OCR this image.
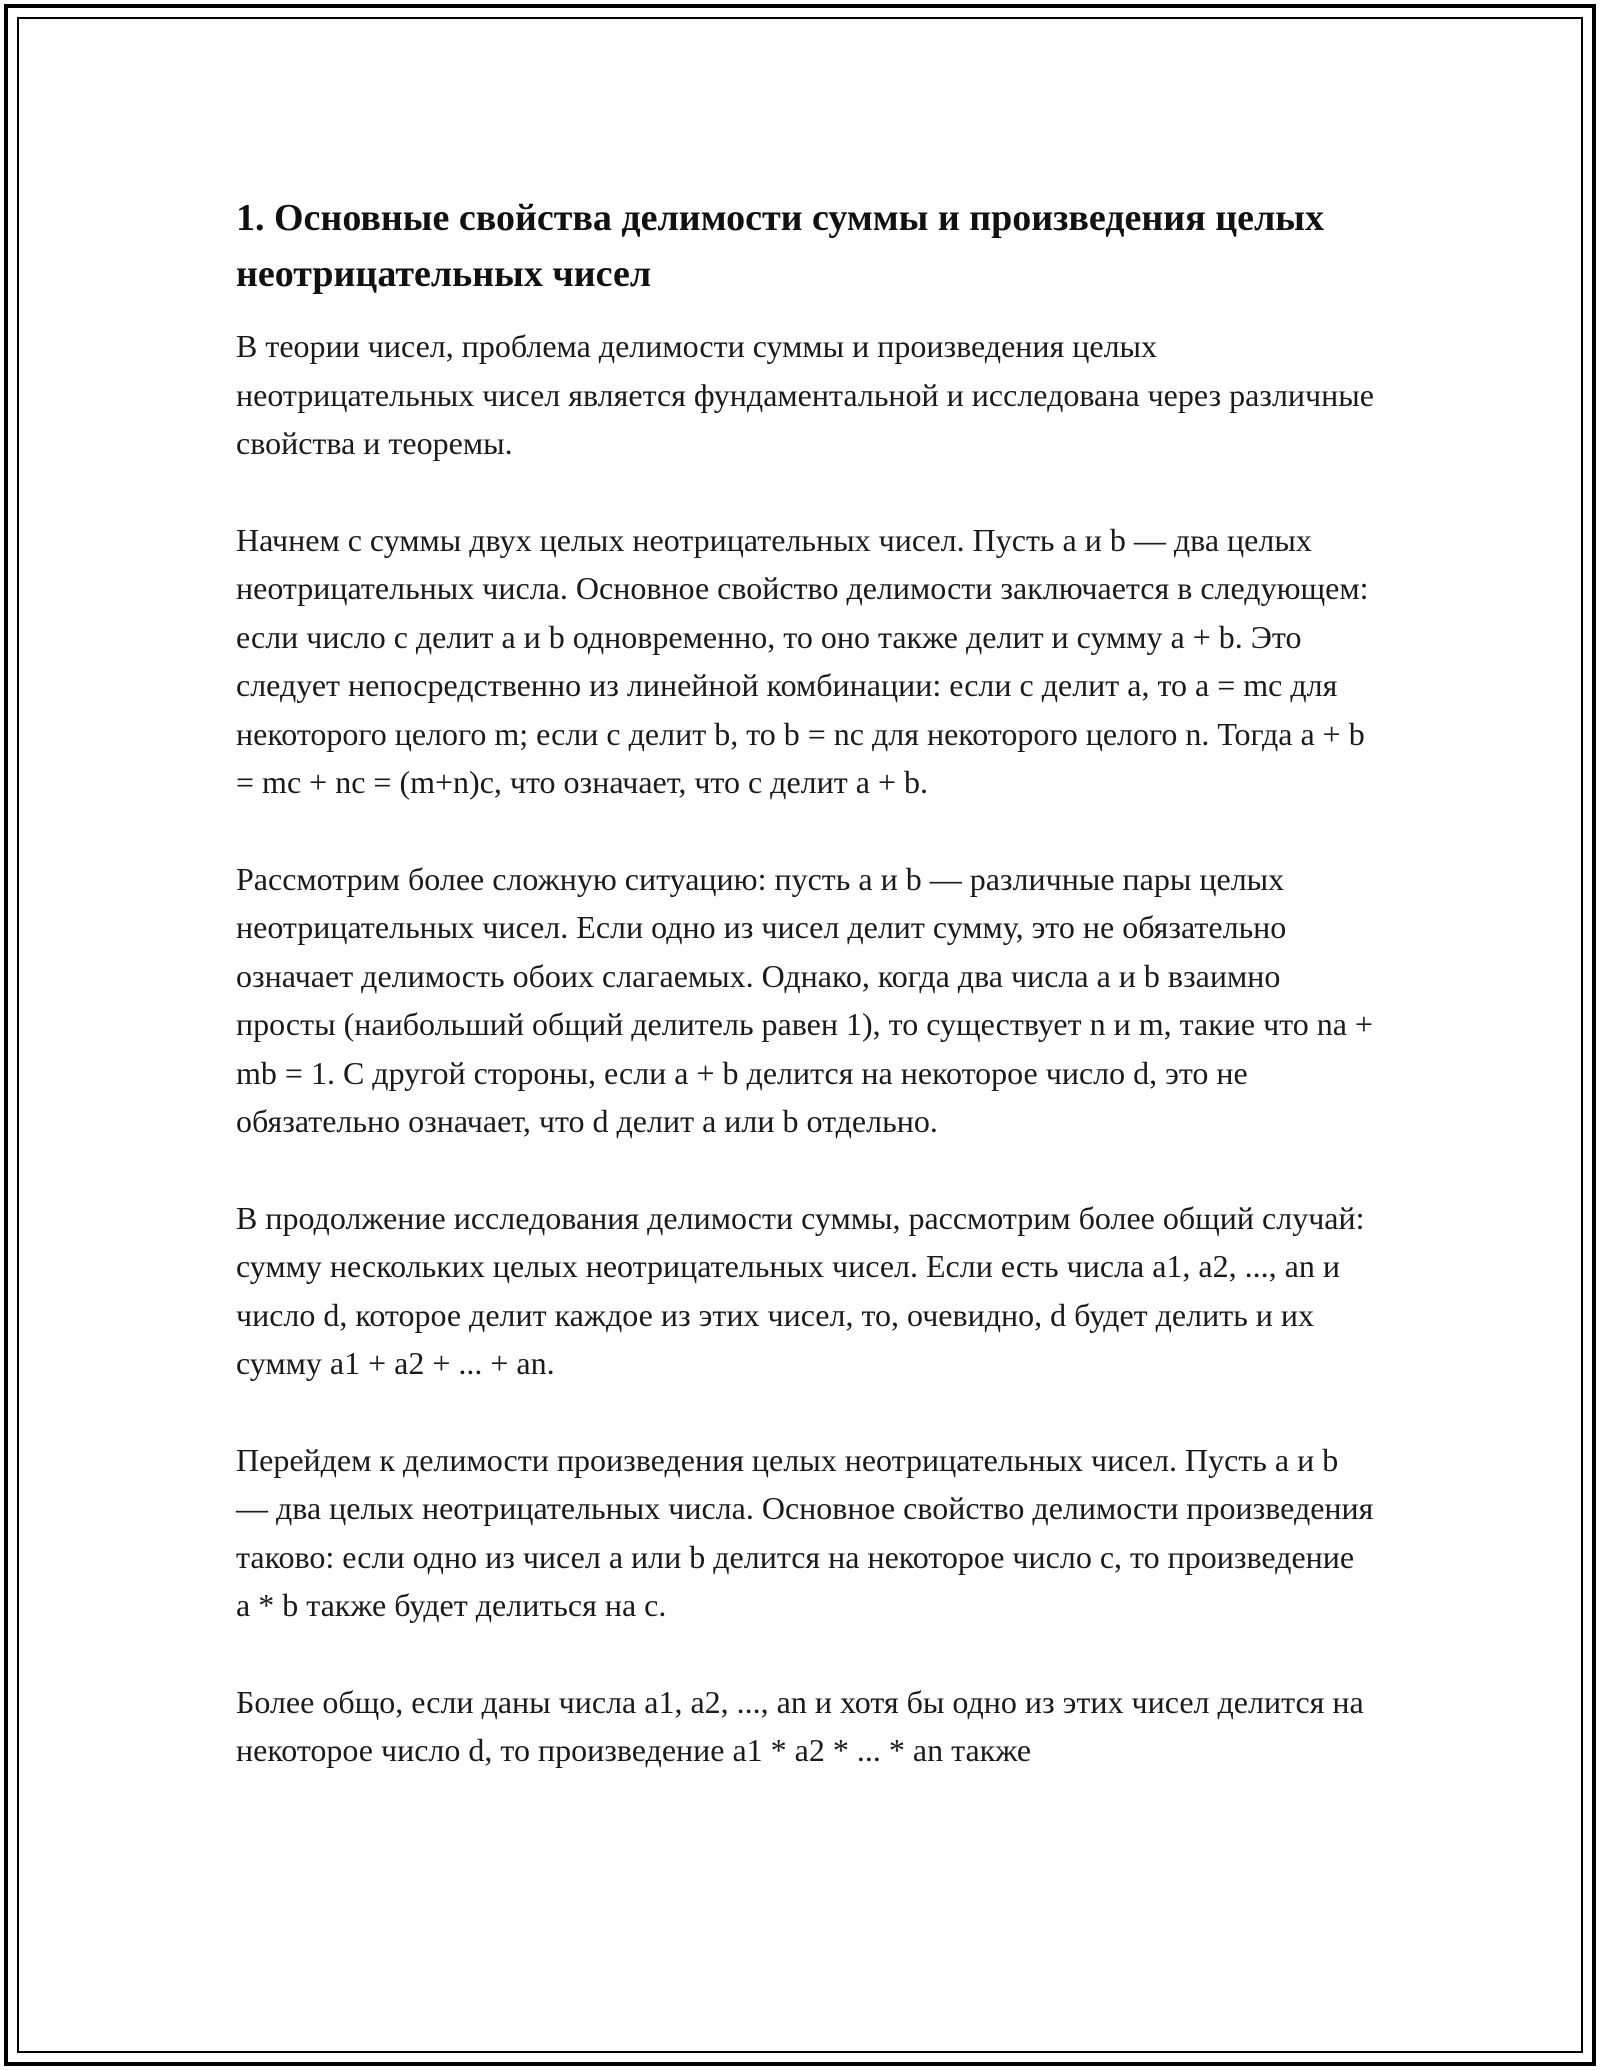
1. Основные свойства делимости суммы и произведения целых неотрицательных чисел

В теории чисел, проблема делимости суммы и произведения целых неотрицательных чисел является фундаментальной и исследована через различные свойства и теоремы.

Начнем с суммы двух целых неотрицательных чисел. Пусть a и b — два целых неотрицательных числа. Основное свойство делимости заключается в следующем: если число c делит a и b одновременно, то оно также делит и сумму a + b. Это следует непосредственно из линейной комбинации: если c делит a, то a = mc для некоторого целого m; если c делит b, то b = nc для некоторого целого n. Тогда a + b = mc + nc = (m+n)c, что означает, что c делит a + b.

Рассмотрим более сложную ситуацию: пусть a и b — различные пары целых неотрицательных чисел. Если одно из чисел делит сумму, это не обязательно означает делимость обоих слагаемых. Однако, когда два числа a и b взаимно просты (наибольший общий делитель равен 1), то существует n и m, такие что na + mb = 1. С другой стороны, если a + b делится на некоторое число d, это не обязательно означает, что d делит a или b отдельно.

В продолжение исследования делимости суммы, рассмотрим более общий случай: сумму нескольких целых неотрицательных чисел. Если есть числа a1, a2, ..., an и число d, которое делит каждое из этих чисел, то, очевидно, d будет делить и их сумму a1 + a2 + ... + an.

Перейдем к делимости произведения целых неотрицательных чисел. Пусть a и b — два целых неотрицательных числа. Основное свойство делимости произведения таково: если одно из чисел a или b делится на некоторое число c, то произведение a * b также будет делиться на c.

Более общо, если даны числа a1, a2, ..., an и хотя бы одно из этих чисел делится на некоторое число d, то произведение a1 * a2 * ... * an также
